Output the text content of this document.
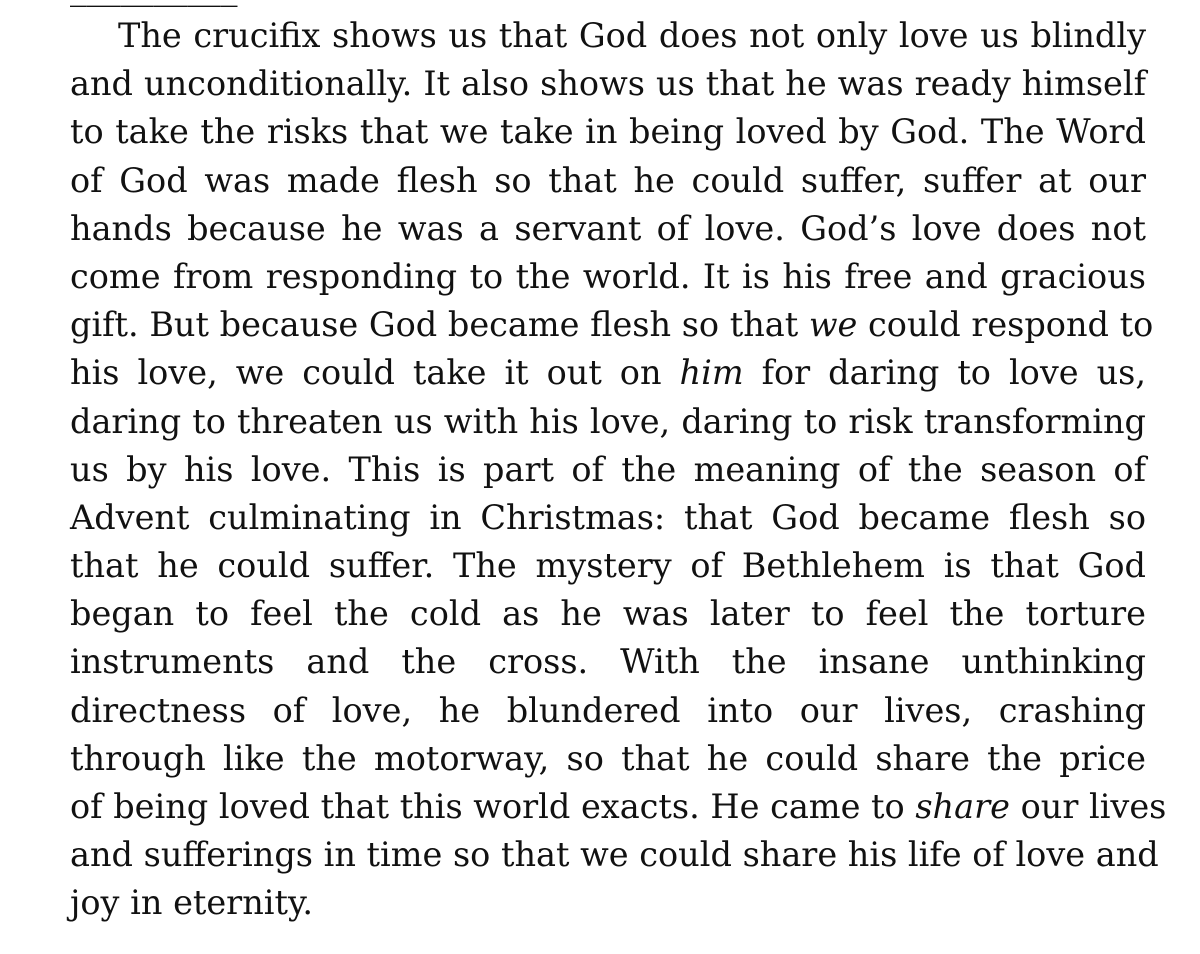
The crucifix shows us that God does not only love us blindly
and unconditionally. It also shows us that he was ready himself
to take the risks that we take in being loved by God. The Word
of God was made flesh so that he could suffer, suffer at our
hands because he was a servant of love. God’s love does not
come from responding to the world. It is his free and gracious
gift. But because God became flesh so that we could respond to
his love, we could take it out on him for daring to love us,
daring to threaten us with his love, daring to risk transforming
us by his love. This is part of the meaning of the season of
Advent culminating in Christmas: that God became flesh so
that he could suffer. The mystery of Bethlehem is that God
began to feel the cold as he was later to feel the torture
instruments and the cross. With the insane unthinking
directness of love, he blundered into our lives, crashing
through like the motorway, so that he could share the price
of being loved that this world exacts. He came to share our lives
and sufferings in time so that we could share his life of love and
joy in eternity.
